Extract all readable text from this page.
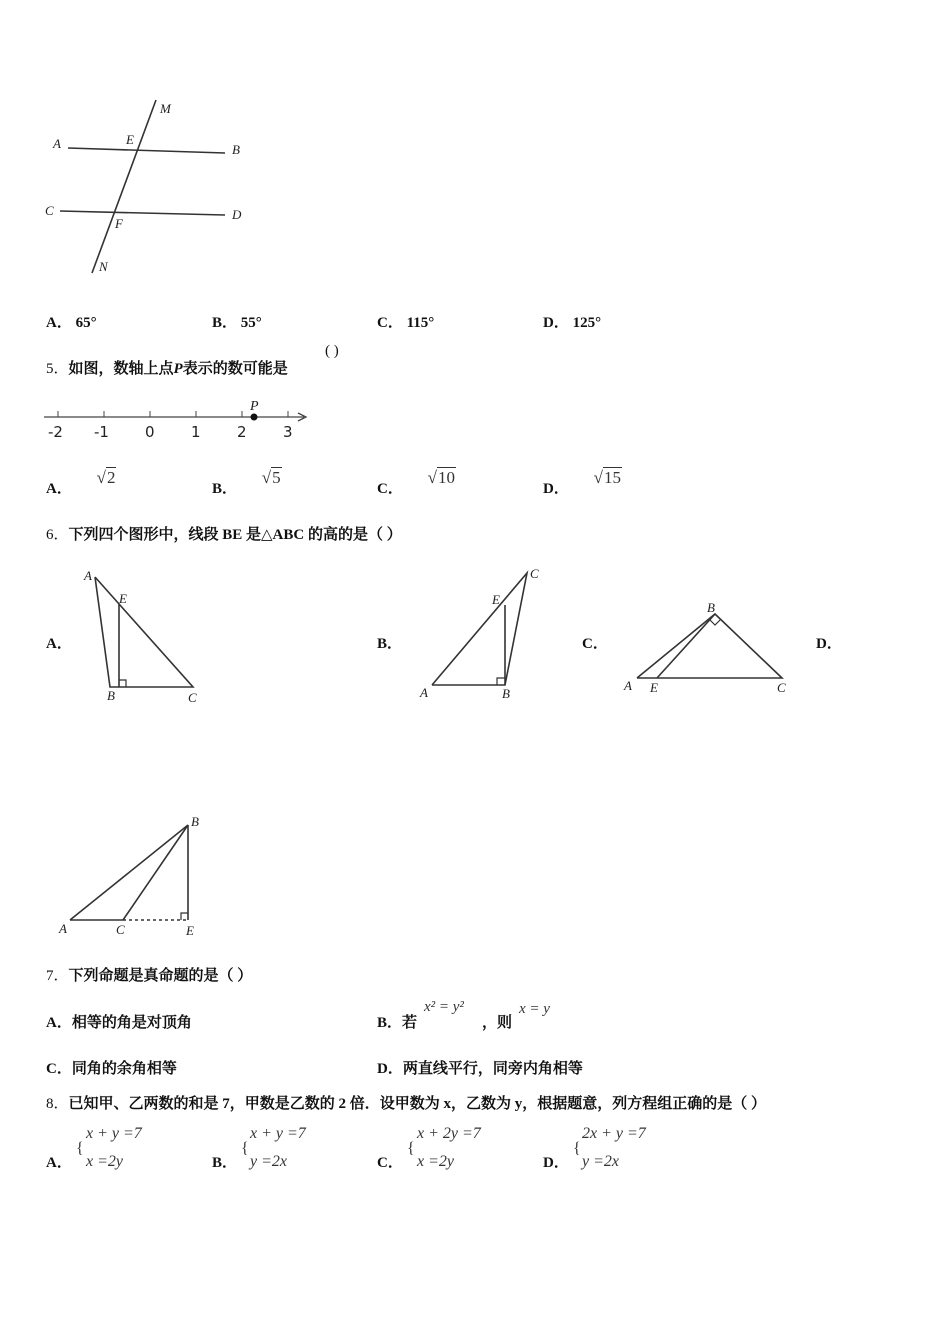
A	B
C	D
E
F
M
N
A． 65°	B． 55°	C． 115°	D． 125°
5．如图，数轴上点P表示的数可能是
( )
-2 -1 0 1 2 3
P
A． √2
B． √5
C． √10
D． √15
6．下列四个图形中，线段 BE 是△ABC 的高的是（ ）
A．	B．	C．	D．
A
E
B	C	A	B
E
C
B
A E	C
B
A	C	E
7．下列命题是真命题的是（ ）
A．相等的角是对顶角	B．若
x² = y²
，则
x = y
C．同角的余角相等	D．两直线平行，同旁内角相等
8．已知甲、乙两数的和是 7，甲数是乙数的 2 倍．设甲数为 x，乙数为 y，根据题意，列方程组正确的是（ ）
A．
{
x + y =7
x =2y	B．
{
x + y =7
y =2x	C．
{
x + 2y =7
x =2y	D．
{
2x + y =7
y =2x
